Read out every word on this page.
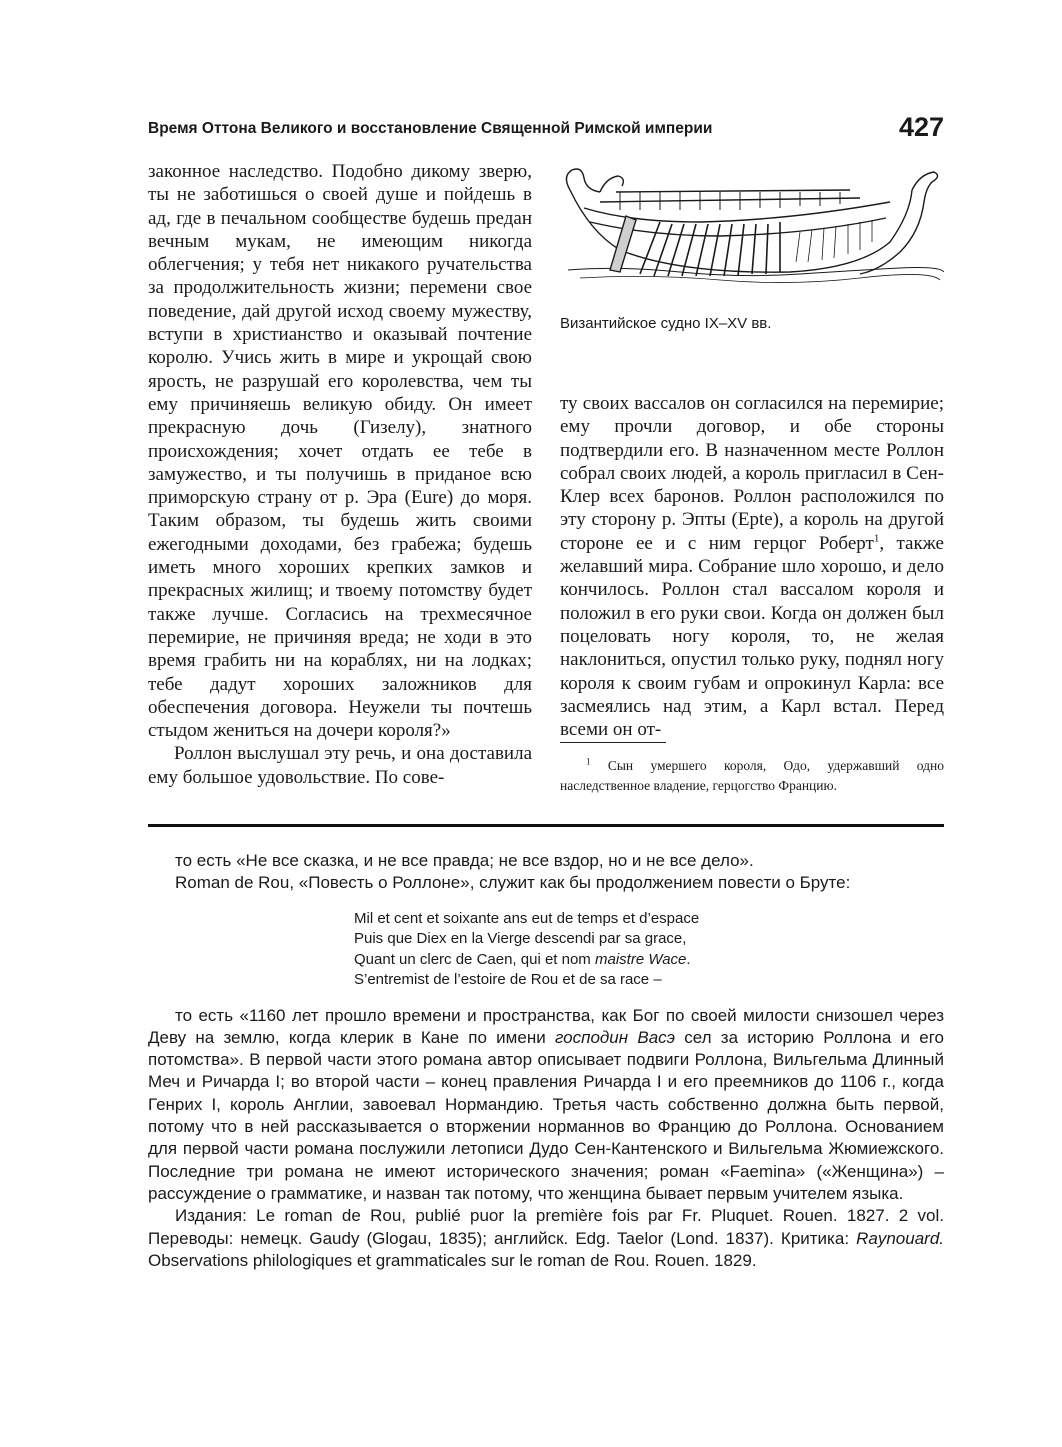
Время Оттона Великого и восстановление Священной Римской империи	427

законное наследство. Подобно дикому зверю, ты не заботишься о своей душе и пойдешь в ад, где в печальном сообществе будешь предан вечным мукам, не имеющим никогда облегчения; у тебя нет никакого ручательства за продолжительность жизни; перемени свое поведение, дай другой исход своему мужеству, вступи в христианство и оказывай почтение королю. Учись жить в мире и укрощай свою ярость, не разрушай его королевства, чем ты ему причиняешь великую обиду. Он имеет прекрасную дочь (Гизелу), знатного происхождения; хочет отдать ее тебе в замужество, и ты получишь в приданое всю приморскую страну от р. Эра (Eure) до моря. Таким образом, ты будешь жить своими ежегодными доходами, без грабежа; будешь иметь много хороших крепких замков и прекрасных жилищ; и твоему потомству будет также лучше. Согласись на трехмесячное перемирие, не причиняя вреда; не ходи в это время грабить ни на кораблях, ни на лодках; тебе дадут хороших заложников для обеспечения договора. Неужели ты почтешь стыдом жениться на дочери короля?»

Роллон выслушал эту речь, и она доставила ему большое удовольствие. По сове-

Византийское судно IX–XV вв.

ту своих вассалов он согласился на перемирие; ему прочли договор, и обе стороны подтвердили его. В назначенном месте Роллон собрал своих людей, а король пригласил в Сен-Клер всех баронов. Роллон расположился по эту сторону р. Эпты (Epte), а король на другой стороне ее и с ним герцог Роберт$^1$, также желавший мира. Собрание шло хорошо, и дело кончилось. Роллон стал вассалом короля и положил в его руки свои. Когда он должен был поцеловать ногу короля, то, не желая наклониться, опустил только руку, поднял ногу короля к своим губам и опрокинул Карла: все засмеялись над этим, а Карл встал. Перед всеми он от-

$^1$ Сын умершего короля, Одо, удержавший одно наследственное владение, герцогство Францию.

то есть «Не все сказка, и не все правда; не все вздор, но и не все дело».

Roman de Rou, «Повесть о Роллоне», служит как бы продолжением повести о Бруте:

Mil et cent et soixante ans eut de temps et d’espace
Puis que Diex en la Vierge descendi par sa grace,
Quant un clerc de Caen, qui et nom maistre Wace.
S’entremist de l’estoire de Rou et de sa race –

то есть «1160 лет прошло времени и пространства, как Бог по своей милости снизошел через Деву на землю, когда клерик в Кане по имени господин Васэ сел за историю Роллона и его потомства». В первой части этого романа автор описывает подвиги Роллона, Вильгельма Длинный Меч и Ричарда I; во второй части – конец правления Ричарда I и его преемников до 1106 г., когда Генрих I, король Англии, завоевал Нормандию. Третья часть собственно должна быть первой, потому что в ней рассказывается о вторжении норманнов во Францию до Роллона. Основанием для первой части романа послужили летописи Дудо Сен-Кантенского и Вильгельма Жюмиежского. Последние три романа не имеют исторического значения; роман «Faemina» («Женщина») – рассуждение о грамматике, и назван так потому, что женщина бывает первым учителем языка.

Издания: Le roman de Rou, publié puor la première fois par Fr. Pluquet. Rouen. 1827. 2 vol. Переводы: немецк. Gaudy (Glogau, 1835); английск. Edg. Taelor (Lond. 1837). Критика: Raynouard. Observations philologiques et grammaticales sur le roman de Rou. Rouen. 1829.
